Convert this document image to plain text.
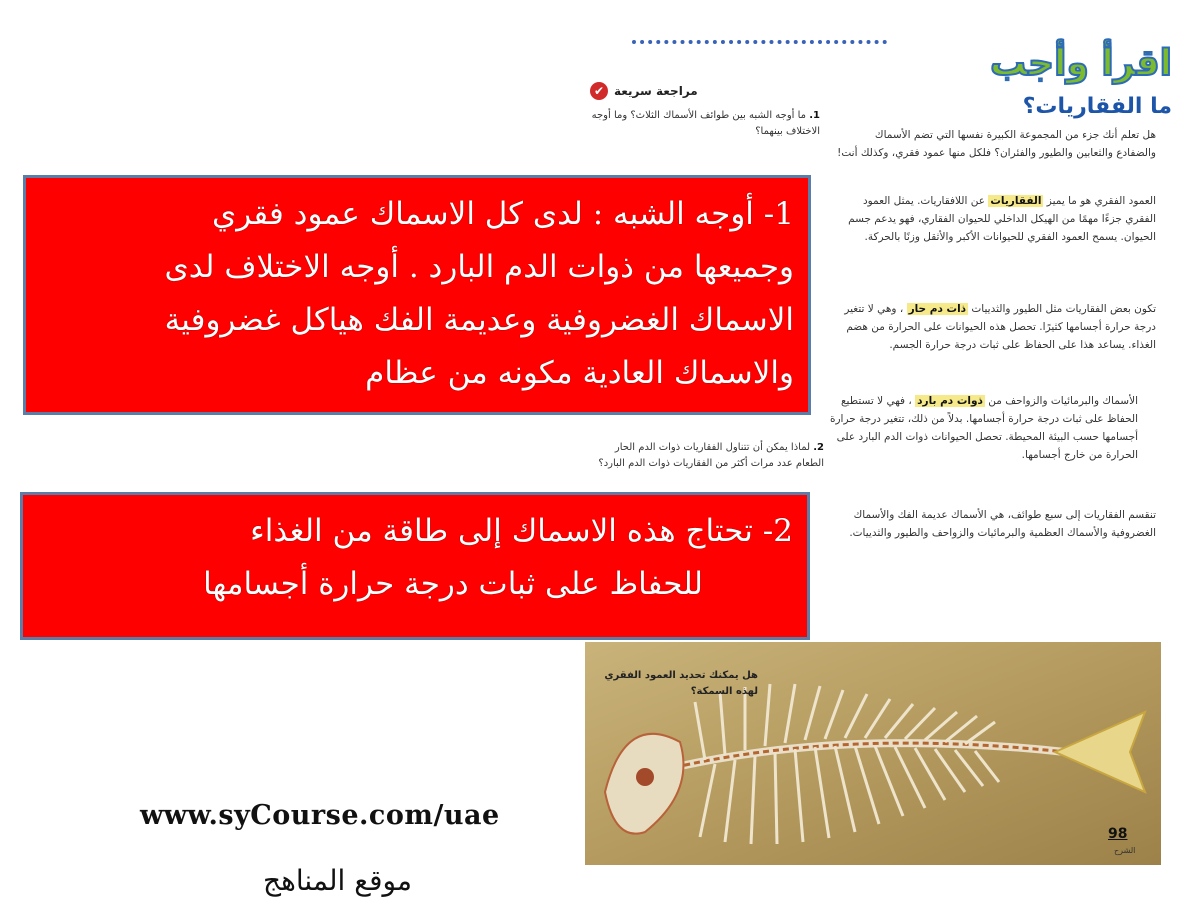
اقرأ وأجب
ما الفقاريات؟
✔ مراجعة سريعة
1. ما أوجه الشبه بين طوائف الأسماك الثلاث؟ وما أوجه الاختلاف بينهما؟
2. لماذا يمكن أن تتناول الفقاريات ذوات الدم الحار الطعام عدد مرات أكثر من الفقاريات ذوات الدم البارد؟
هل تعلم أنك جزء من المجموعة الكبيرة نفسها التي تضم الأسماك والضفادع والثعابين والطيور والفئران؟ فلكل منها عمود فقري، وكذلك أنت!
العمود الفقري هو ما يميز الفقاريات عن اللافقاريات. يمثل العمود الفقري جزءًا مهمًا من الهيكل الداخلي للحيوان الفقاري، فهو يدعم جسم الحيوان. يسمح العمود الفقري للحيوانات الأكبر والأثقل وزنًا بالحركة.
تكون بعض الفقاريات مثل الطيور والثدييات ذات دم حار ، وهي لا تتغير درجة حرارة أجسامها كثيرًا. تحصل هذه الحيوانات على الحرارة من هضم الغذاء. يساعد هذا على الحفاظ على ثبات درجة حرارة الجسم.
الأسماك والبرمائيات والزواحف من ذوات دم بارد ، فهي لا تستطيع الحفاظ على ثبات درجة حرارة أجسامها. بدلاً من ذلك، تتغير درجة حرارة أجسامها حسب البيئة المحيطة. تحصل الحيوانات ذوات الدم البارد على الحرارة من خارج أجسامها.
تنقسم الفقاريات إلى سبع طوائف، هي الأسماك عديمة الفك والأسماك الغضروفية والأسماك العظمية والبرمائيات والزواحف والطيور والثدييات.
1- أوجه الشبه : لدى كل الاسماك عمود فقري
وجميعها من ذوات الدم البارد . أوجه الاختلاف لدى
الاسماك الغضروفية وعديمة الفك هياكل غضروفية
والاسماك العادية مكونه من عظام
2- تحتاج هذه الاسماك إلى طاقة من الغذاء
للحفاظ على ثبات درجة حرارة أجسامها
هل يمكنك تحديد العمود الفقري لهذه السمكة؟
98
الشرح
www.syCourse.com/uae
موقع المناهج
